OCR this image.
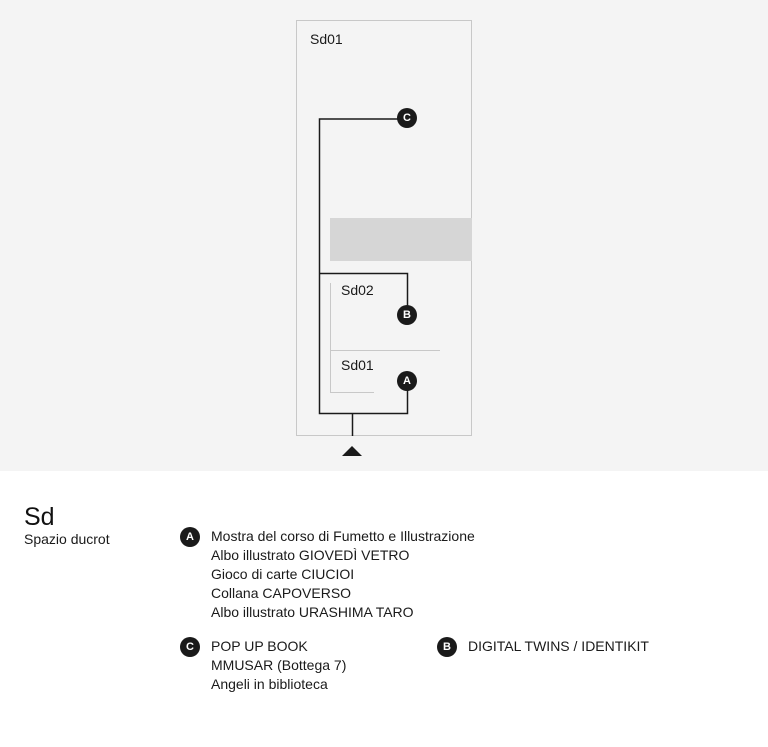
Sd01
Sd02
Sd01
C
B
A
Sd
Spazio ducrot	A	Mostra del corso di Fumetto e Illustrazione
Albo illustrato GIOVEDÌ VETRO
Gioco di carte CIUCIOI
Collana CAPOVERSO
Albo illustrato URASHIMA TARO
C	POP UP BOOK
MMUSAR (Bottega 7)
Angeli in biblioteca
B	DIGITAL TWINS / IDENTIKIT
